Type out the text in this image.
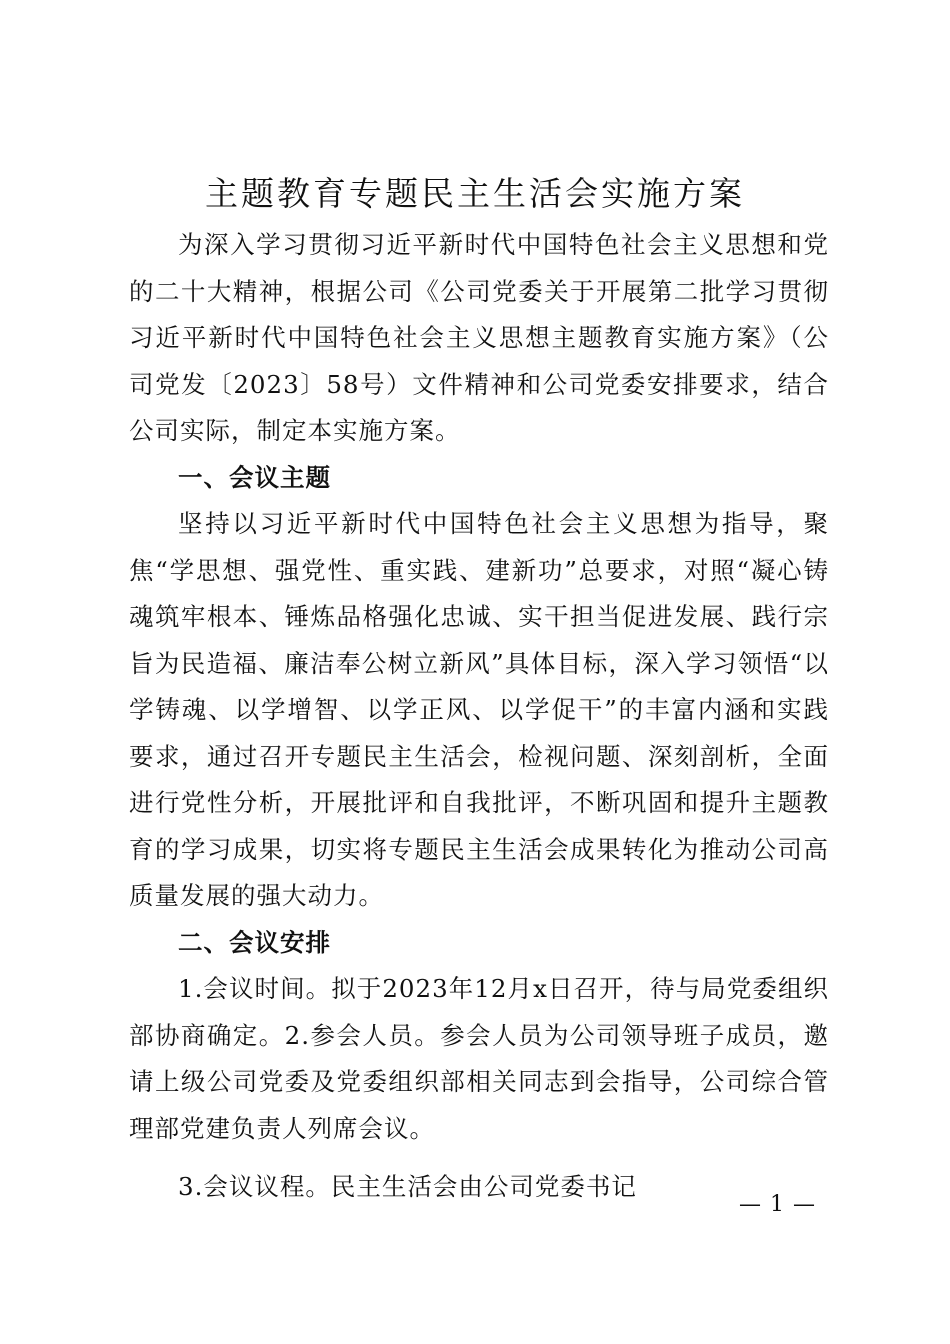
主题教育专题民主生活会实施方案

为深入学习贯彻习近平新时代中国特色社会主义思想和党的二十大精神，根据公司《公司党委关于开展第二批学习贯彻习近平新时代中国特色社会主义思想主题教育实施方案》（公司党发〔2023〕58号）文件精神和公司党委安排要求，结合公司实际，制定本实施方案。

一、会议主题

坚持以习近平新时代中国特色社会主义思想为指导，聚焦“学思想、强党性、重实践、建新功”总要求，对照“凝心铸魂筑牢根本、锤炼品格强化忠诚、实干担当促进发展、践行宗旨为民造福、廉洁奉公树立新风”具体目标，深入学习领悟“以学铸魂、以学增智、以学正风、以学促干”的丰富内涵和实践要求，通过召开专题民主生活会，检视问题、深刻剖析，全面进行党性分析，开展批评和自我批评，不断巩固和提升主题教育的学习成果，切实将专题民主生活会成果转化为推动公司高质量发展的强大动力。

二、会议安排

1.会议时间。拟于2023年12月x日召开，待与局党委组织部协商确定。2.参会人员。参会人员为公司领导班子成员，邀请上级公司党委及党委组织部相关同志到会指导，公司综合管理部党建负责人列席会议。

3.会议议程。民主生活会由公司党委书记

— 1 —
